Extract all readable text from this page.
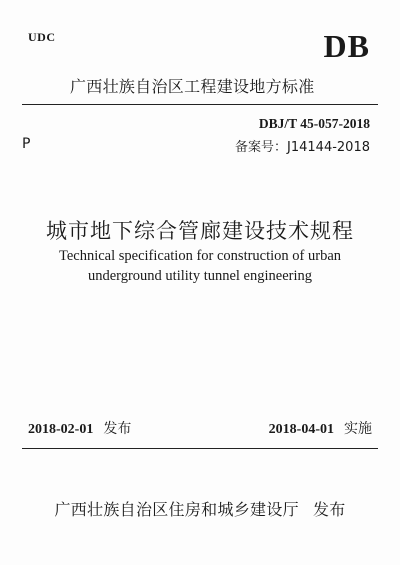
UDC	DB
广西壮族自治区工程建设地方标准
DBJ/T 45-057-2018
P	备案号：J14144-2018
城市地下综合管廊建设技术规程
Technical specification for construction of urban
underground utility tunnel engineering
2018-02-01 发布	2018-04-01 实施
广西壮族自治区住房和城乡建设厅 发布
